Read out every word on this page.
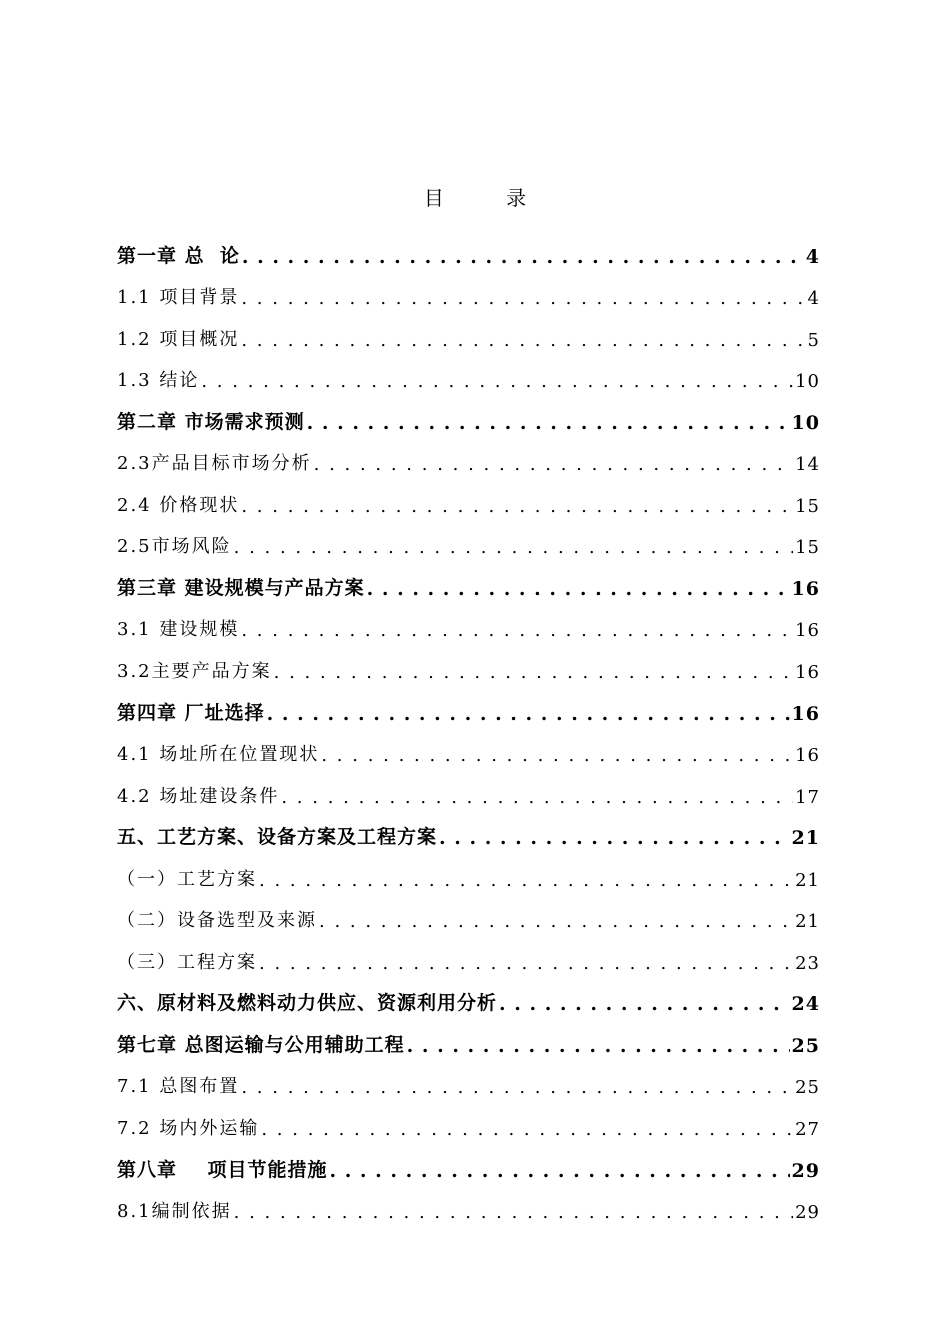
目 录
第一章 总  论 . . .	4
1.1 项目背景 . . .	4
1.2 项目概况 . . .	5
1.3 结论 . . .	10
第二章 市场需求预测 . . .	10
2.3产品目标市场分析 . . .	14
2.4 价格现状 . . .	15
2.5市场风险 . . .	15
第三章 建设规模与产品方案 . . .	16
3.1 建设规模 . . .	16
3.2主要产品方案 . . .	16
第四章 厂址选择 . . .	16
4.1 场址所在位置现状 . . .	16
4.2 场址建设条件 . . .	17
五、工艺方案、设备方案及工程方案 . . .	21
（一）工艺方案 . . .	21
（二）设备选型及来源 . . .	21
（三）工程方案 . . .	23
六、原材料及燃料动力供应、资源利用分析 . . .	24
第七章 总图运输与公用辅助工程 . . .	25
7.1 总图布置 . . .	25
7.2 场内外运输 . . .	27
第八章    项目节能措施 . . .	29
8.1编制依据 . . .	29
